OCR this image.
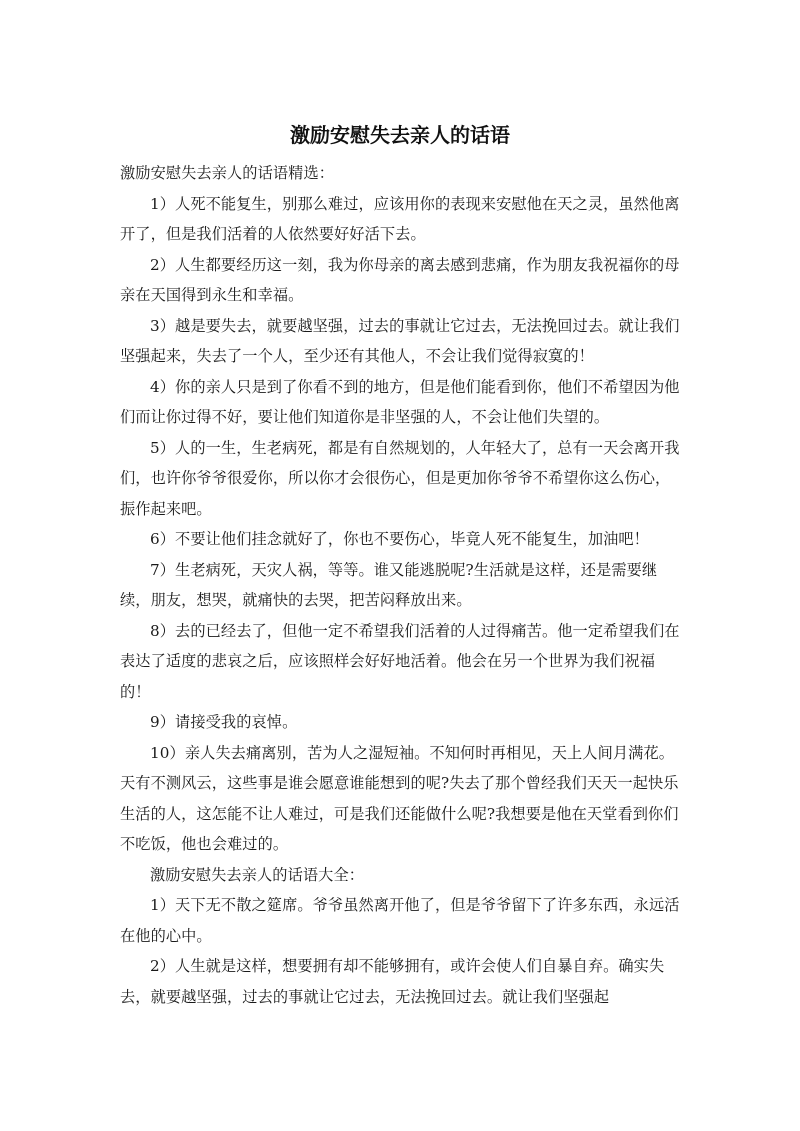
激励安慰失去亲人的话语

激励安慰失去亲人的话语精选：

1）人死不能复生，别那么难过，应该用你的表现来安慰他在天之灵，虽然他离开了，但是我们活着的人依然要好好活下去。

2）人生都要经历这一刻，我为你母亲的离去感到悲痛，作为朋友我祝福你的母亲在天国得到永生和幸福。

3）越是要失去，就要越坚强，过去的事就让它过去，无法挽回过去。就让我们坚强起来，失去了一个人，至少还有其他人，不会让我们觉得寂寞的！

4）你的亲人只是到了你看不到的地方，但是他们能看到你，他们不希望因为他们而让你过得不好，要让他们知道你是非坚强的人，不会让他们失望的。

5）人的一生，生老病死，都是有自然规划的，人年轻大了，总有一天会离开我们，也许你爷爷很爱你，所以你才会很伤心，但是更加你爷爷不希望你这么伤心，振作起来吧。

6）不要让他们挂念就好了，你也不要伤心，毕竟人死不能复生，加油吧！

7）生老病死，天灾人祸，等等。谁又能逃脱呢?生活就是这样，还是需要继续，朋友，想哭，就痛快的去哭，把苦闷释放出来。

8）去的已经去了，但他一定不希望我们活着的人过得痛苦。他一定希望我们在表达了适度的悲哀之后，应该照样会好好地活着。他会在另一个世界为我们祝福的！

9）请接受我的哀悼。

10）亲人失去痛离别，苦为人之湿短袖。不知何时再相见，天上人间月满花。　天有不测风云，这些事是谁会愿意谁能想到的呢?失去了那个曾经我们天天一起快乐生活的人，这怎能不让人难过，可是我们还能做什么呢?我想要是他在天堂看到你们不吃饭，他也会难过的。

激励安慰失去亲人的话语大全：

1）天下无不散之筵席。爷爷虽然离开他了，但是爷爷留下了许多东西，永远活在他的心中。

2）人生就是这样，想要拥有却不能够拥有，或许会使人们自暴自弃。确实失去，就要越坚强，过去的事就让它过去，无法挽回过去。就让我们坚强起
